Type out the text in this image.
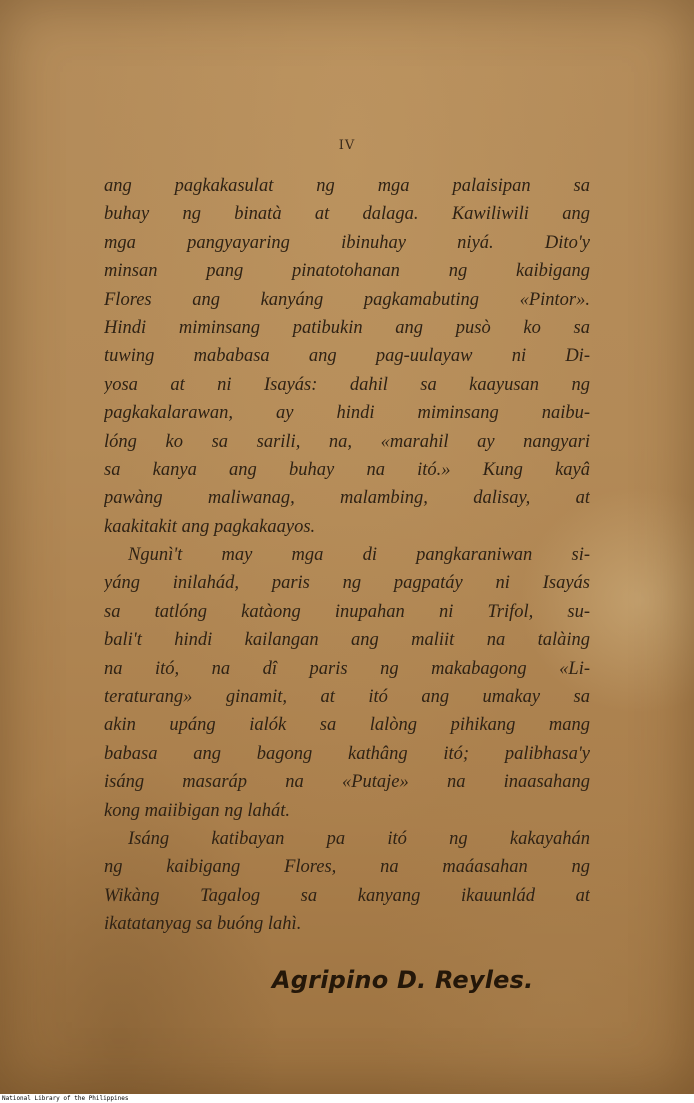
IV
ang pagkakasulat ng mga palaisipan sa
buhay ng binatà at dalaga. Kawiliwili ang
mga pangyayaring ibinuhay niyá. Dito'y
minsan pang pinatotohanan ng kaibigang
Flores ang kanyáng pagkamabuting «Pintor».
Hindi miminsang patibukin ang pusò ko sa
tuwing mababasa ang pag-uulayaw ni Di-
yosa at ni Isayás: dahil sa kaayusan ng
pagkakalarawan, ay hindi miminsang naibu-
lóng ko sa sarili, na, «marahil ay nangyari
sa kanya ang buhay na itó.» Kung kayâ
pawàng maliwanag, malambing, dalisay, at
kaakitakit ang pagkakaayos.
Ngunì't may mga di pangkaraniwan si-
yáng inilahád, paris ng pagpatáy ni Isayás
sa tatlóng katàong inupahan ni Trifol, su-
bali't hindi kailangan ang maliit na talàing
na itó, na dî paris ng makabagong «Li-
teraturang» ginamit, at itó ang umakay sa
akin upáng ialók sa lalòng pihikang mang
babasa ang bagong kathâng itó; palibhasa'y
isáng masaráp na «Putaje» na inaasahang
kong maiibigan ng lahát.
Isáng katibayan pa itó ng kakayahán
ng kaibigang Flores, na maáasahan ng
Wikàng Tagalog sa kanyang ikauunlád at
ikatatanyag sa buóng lahì.
Agripino D. Reyles.
National Library of the Philippines
